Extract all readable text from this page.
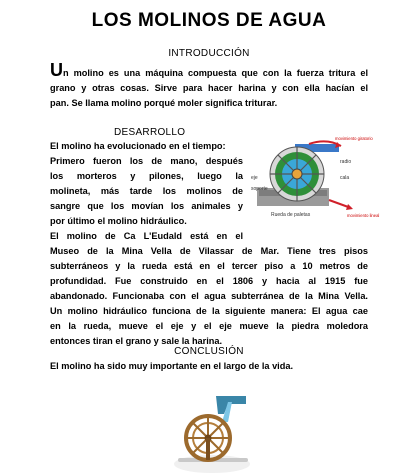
LOS MOLINOS DE AGUA
INTRODUCCIÓN
Un molino es una máquina compuesta que con la fuerza tritura el
grano y otras cosas. Sirve para hacer harina y con ella hacían el
pan. Se llama molino porqué moler significa triturar.
DESARROLLO
El molino ha evolucionado en el tiempo:
Primero fueron los de mano, después
los morteros y pilones, luego la
molineta, más tarde los molinos de
sangre que los movían los animales y
por último el molino hidráulico.
El molino de Ca L'Eudald está en el
Museo de la Mina Vella de Vilassar de Mar. Tiene tres pisos
subterráneos y la rueda está en el tercer piso a 10 metros de
profundidad. Fue construido en el 1806 y hacia al 1915 fue
abandonado. Funcionaba con el agua subterránea de la Mina Vella.
Un molino hidráulico funciona de la siguiente manera: El agua cae
en la rueda, mueve el eje y el eje mueve la piedra moledora
entonces tiran el grano y sale la harina.
movimiento giratorio
radio
eje	cala
soporte
Rueda de paletas	movimiento lineal
CONCLUSIÓN
El molino ha sido muy importante en el largo de la vida.
